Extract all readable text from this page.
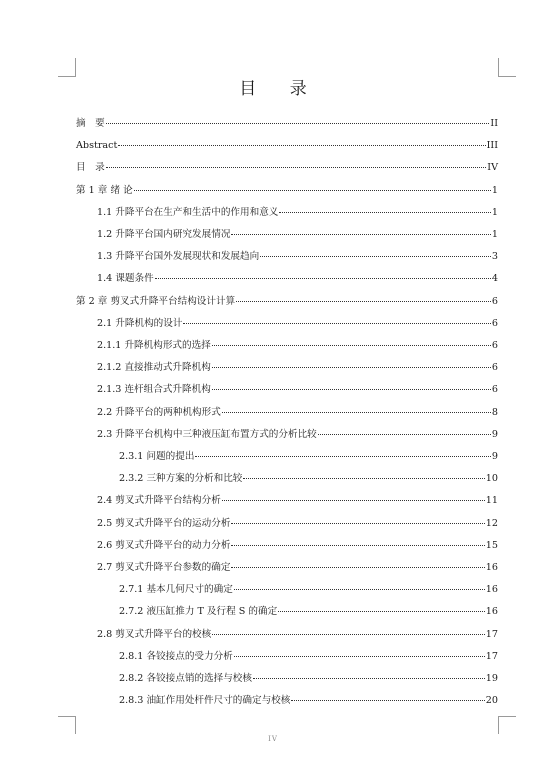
目 录
摘　要	II
Abstract	III
目　录	IV
第 1 章 绪 论	1
1.1 升降平台在生产和生活中的作用和意义	1
1.2 升降平台国内研究发展情况	1
1.3 升降平台国外发展现状和发展趋向	3
1.4 课题条件	4
第 2 章 剪叉式升降平台结构设计计算	6
2.1 升降机构的设计	6
2.1.1 升降机构形式的选择	6
2.1.2 直接推动式升降机构	6
2.1.3 连杆组合式升降机构	6
2.2 升降平台的两种机构形式	8
2.3 升降平台机构中三种液压缸布置方式的分析比较	9
2.3.1 问题的提出	9
2.3.2 三种方案的分析和比较	10
2.4 剪叉式升降平台结构分析	11
2.5 剪叉式升降平台的运动分析	12
2.6 剪叉式升降平台的动力分析	15
2.7 剪叉式升降平台参数的确定	16
2.7.1 基本几何尺寸的确定	16
2.7.2 液压缸推力 T 及行程 S 的确定	16
2.8 剪叉式升降平台的校核	17
2.8.1 各铰接点的受力分析	17
2.8.2 各铰接点销的选择与校核	19
2.8.3 油缸作用处杆件尺寸的确定与校核	20
IV
